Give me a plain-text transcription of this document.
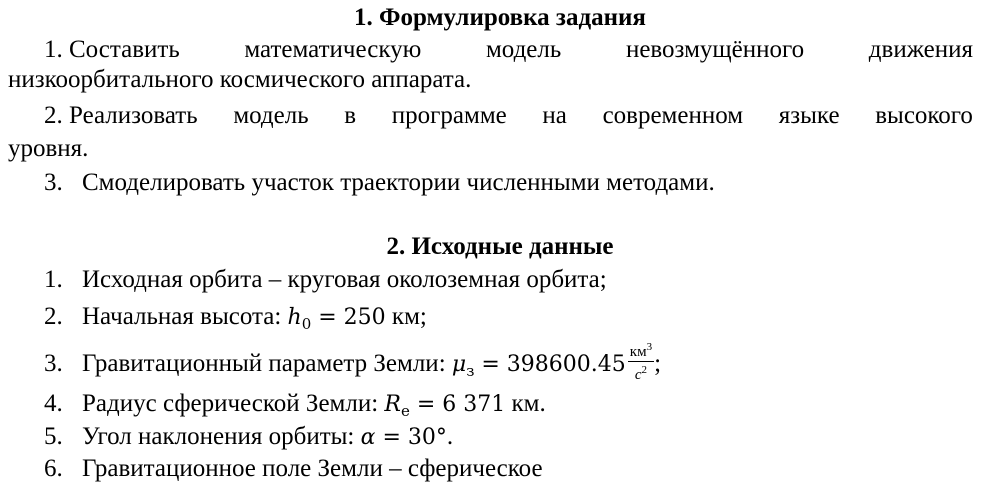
1. Формулировка задания
1. Составить	математическую	модель	невозмущённого	движения
низкоорбитального космического аппарата.
2. Реализовать модель в программе на современном языке высокого
уровня.
3. Смоделировать участок траектории численными методами.
2. Исходные данные
1. Исходная орбита – круговая околоземная орбита;
2. Начальная высота: $h_0 = 250$ км;
3. Гравитационный параметр Земли: $\mu_з = 398600.45 \frac{км^3}{с^2}$ ;
4. Радиус сферической Земли: $R_e = 6$ 371 км.
5. Угол наклонения орбиты: α = 30°.
6. Гравитационное поле Земли – сферическое
